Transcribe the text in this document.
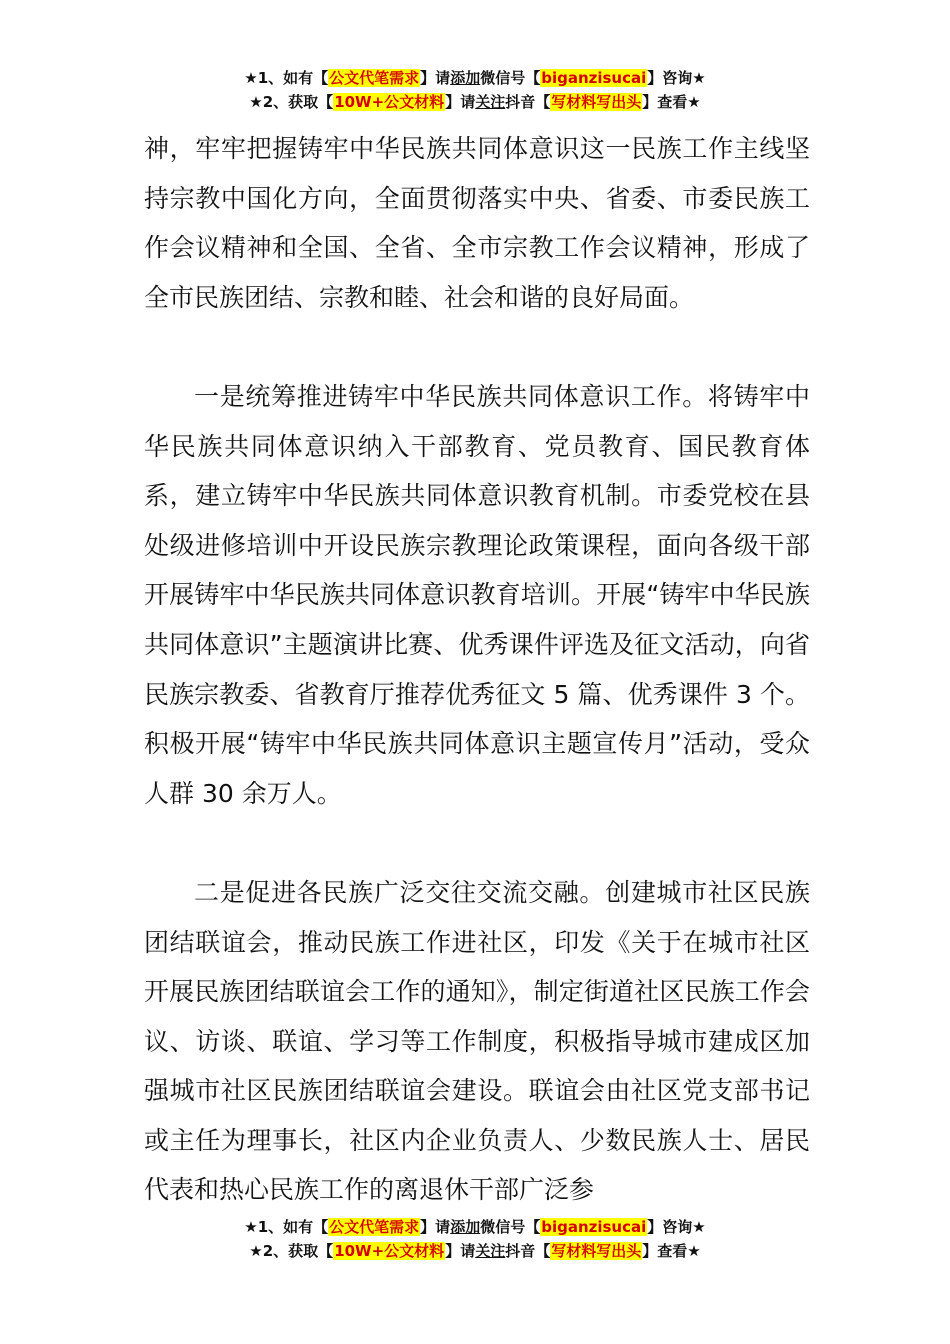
★1、如有【公文代笔需求】请添加微信号【biganzisucai】咨询★
★2、获取【10W+公文材料】请关注抖音【写材料写出头】查看★

神，牢牢把握铸牢中华民族共同体意识这一民族工作主线坚持宗教中国化方向，全面贯彻落实中央、省委、市委民族工作会议精神和全国、全省、全市宗教工作会议精神，形成了全市民族团结、宗教和睦、社会和谐的良好局面。

一是统筹推进铸牢中华民族共同体意识工作。将铸牢中华民族共同体意识纳入干部教育、党员教育、国民教育体系，建立铸牢中华民族共同体意识教育机制。市委党校在县处级进修培训中开设民族宗教理论政策课程，面向各级干部开展铸牢中华民族共同体意识教育培训。开展“铸牢中华民族共同体意识”主题演讲比赛、优秀课件评选及征文活动，向省民族宗教委、省教育厅推荐优秀征文 5 篇、优秀课件 3 个。积极开展“铸牢中华民族共同体意识主题宣传月”活动，受众人群 30 余万人。

二是促进各民族广泛交往交流交融。创建城市社区民族团结联谊会，推动民族工作进社区，印发《关于在城市社区开展民族团结联谊会工作的通知》，制定街道社区民族工作会议、访谈、联谊、学习等工作制度，积极指导城市建成区加强城市社区民族团结联谊会建设。联谊会由社区党支部书记或主任为理事长，社区内企业负责人、少数民族人士、居民代表和热心民族工作的离退休干部广泛参

★1、如有【公文代笔需求】请添加微信号【biganzisucai】咨询★
★2、获取【10W+公文材料】请关注抖音【写材料写出头】查看★
